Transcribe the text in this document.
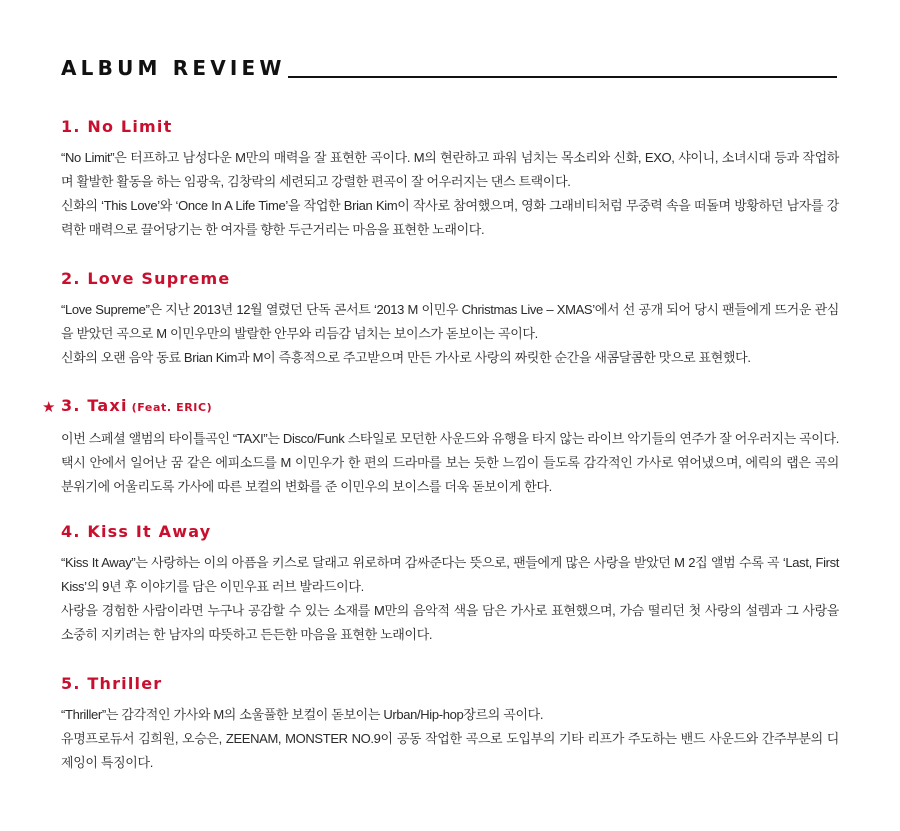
ALBUM REVIEW
1. No Limit

“No Limit”은 터프하고 남성다운 M만의 매력을 잘 표현한 곡이다. M의 현란하고 파워 넘치는 목소리와 신화, EXO, 샤이니, 소녀시대 등과 작업하며 활발한 활동을 하는 임광욱, 김창락의 세련되고 강렬한 편곡이 잘 어우러지는 댄스 트랙이다.

신화의 ‘This Love’와 ‘Once In A Life Time’을 작업한 Brian Kim이 작사로 참여했으며, 영화 그래비티처럼 무중력 속을 떠돌며 방황하던 남자를 강력한 매력으로 끌어당기는 한 여자를 향한 두근거리는 마음을 표현한 노래이다.

2. Love Supreme

“Love Supreme”은 지난 2013년 12월 열렸던 단독 콘서트 ‘2013 M 이민우 Christmas Live – XMAS’에서 선 공개 되어 당시 팬들에게 뜨거운 관심을 받았던 곡으로 M 이민우만의 발랄한 안무와 리듬감 넘치는 보이스가 돋보이는 곡이다.

신화의 오랜 음악 동료 Brian Kim과 M이 즉흥적으로 주고받으며 만든 가사로 사랑의 짜릿한 순간을 새콤달콤한 맛으로 표현했다.

★ 3. Taxi (Feat. ERIC)

이번 스페셜 앨범의 타이틀곡인 “TAXI”는 Disco/Funk 스타일로 모던한 사운드와 유행을 타지 않는 라이브 악기들의 연주가 잘 어우러지는 곡이다. 택시 안에서 일어난 꿈 같은 에피소드를 M 이민우가 한 편의 드라마를 보는 듯한 느낌이 들도록 감각적인 가사로 엮어냈으며, 에릭의 랩은 곡의 분위기에 어울리도록 가사에 따른 보컬의 변화를 준 이민우의 보이스를 더욱 돋보이게 한다.

4. Kiss It Away

“Kiss It Away”는 사랑하는 이의 아픔을 키스로 달래고 위로하며 감싸준다는 뜻으로, 팬들에게 많은 사랑을 받았던 M 2집 앨범 수록 곡 ‘Last, First Kiss’의 9년 후 이야기를 담은 이민우표 러브 발라드이다.

사랑을 경험한 사람이라면 누구나 공감할 수 있는 소재를 M만의 음악적 색을 담은 가사로 표현했으며, 가슴 떨리던 첫 사랑의 설렘과 그 사랑을 소중히 지키려는 한 남자의 따뜻하고 든든한 마음을 표현한 노래이다.

5. Thriller

“Thriller”는 감각적인 가사와 M의 소울풀한 보컬이 돋보이는 Urban/Hip-hop장르의 곡이다.

유명프로듀서 김희원, 오승은, ZEENAM, MONSTER NO.9이 공동 작업한 곡으로 도입부의 기타 리프가 주도하는 밴드 사운드와 간주부분의 디제잉이 특징이다.
